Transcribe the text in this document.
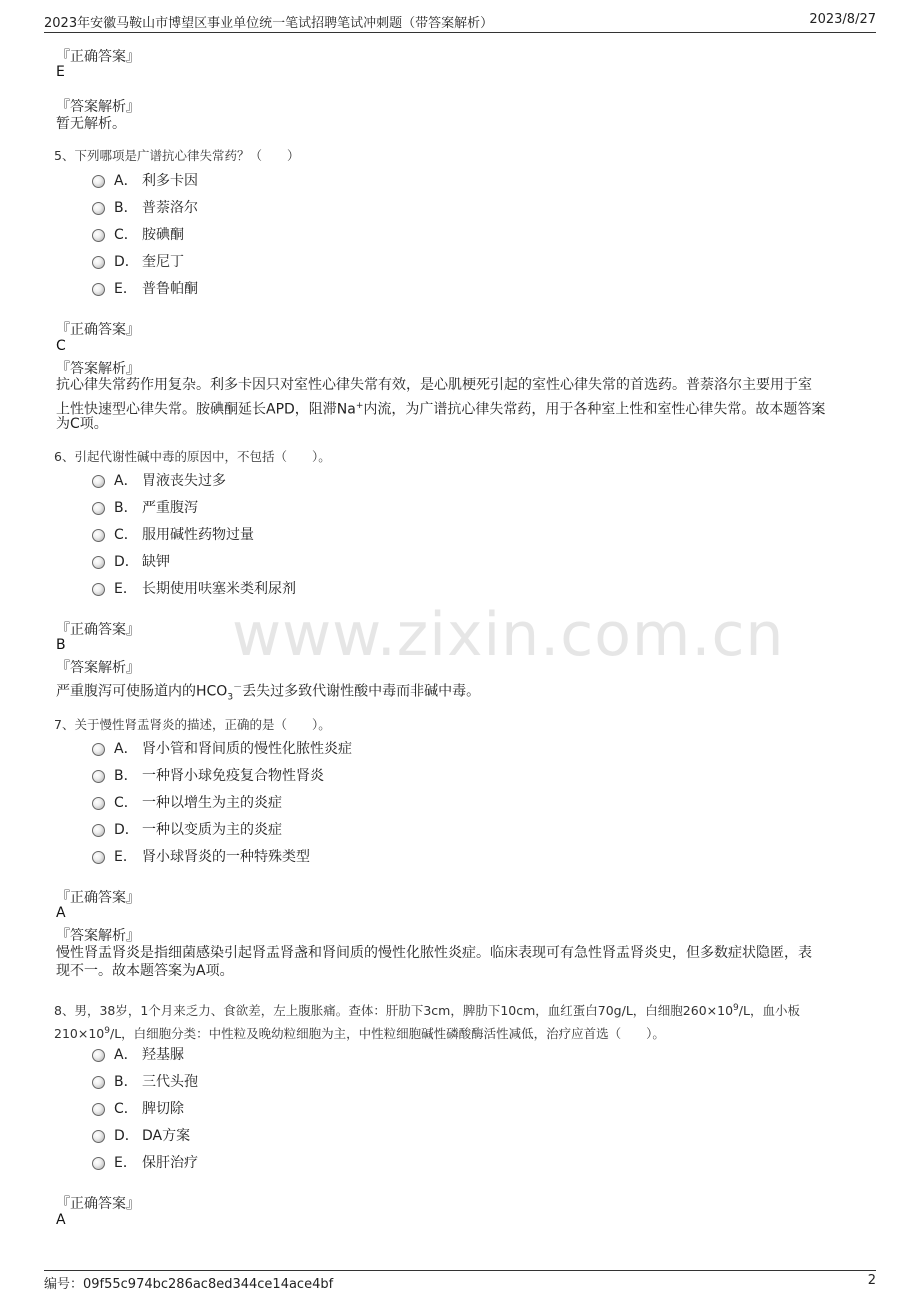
2023年安徽马鞍山市博望区事业单位统一笔试招聘笔试冲刺题（带答案解析）	2023/8/27
『正确答案』
E
『答案解析』
暂无解析。
5、下列哪项是广谱抗心律失常药？（　　）
A． 利多卡因
B． 普萘洛尔
C． 胺碘酮
D． 奎尼丁
E． 普鲁帕酮
『正确答案』
C
『答案解析』
抗心律失常药作用复杂。利多卡因只对室性心律失常有效，是心肌梗死引起的室性心律失常的首选药。普萘洛尔主要用于室
上性快速型心律失常。胺碘酮延长APD，阻滞Na+内流，为广谱抗心律失常药，用于各种室上性和室性心律失常。故本题答案
为C项。
6、引起代谢性碱中毒的原因中，不包括（　　）。
A． 胃液丧失过多
B． 严重腹泻
C． 服用碱性药物过量
D． 缺钾
E． 长期使用呋塞米类利尿剂
www.zixin.com.cn
『正确答案』
B
『答案解析』
严重腹泻可使肠道内的$HCO_3^-$丢失过多致代谢性酸中毒而非碱中毒。
7、关于慢性肾盂肾炎的描述，正确的是（　　）。
A． 肾小管和肾间质的慢性化脓性炎症
B． 一种肾小球免疫复合物性肾炎
C． 一种以增生为主的炎症
D． 一种以变质为主的炎症
E． 肾小球肾炎的一种特殊类型
『正确答案』
A
『答案解析』
慢性肾盂肾炎是指细菌感染引起肾盂肾盏和肾间质的慢性化脓性炎症。临床表现可有急性肾盂肾炎史，但多数症状隐匿，表
现不一。故本题答案为A项。
8、男，38岁，1个月来乏力、食欲差，左上腹胀痛。查体：肝肋下3cm，脾肋下10cm，血红蛋白70g/L，白细胞$260\times 10^9/L$，血小板
$210\times 10^9/L$，白细胞分类：中性粒及晚幼粒细胞为主，中性粒细胞碱性磷酸酶活性减低，治疗应首选（　　）。
A． 羟基脲
B． 三代头孢
C． 脾切除
D． DA方案
E． 保肝治疗
『正确答案』
A
编号：09f55c974bc286ac8ed344ce14ace4bf	2
